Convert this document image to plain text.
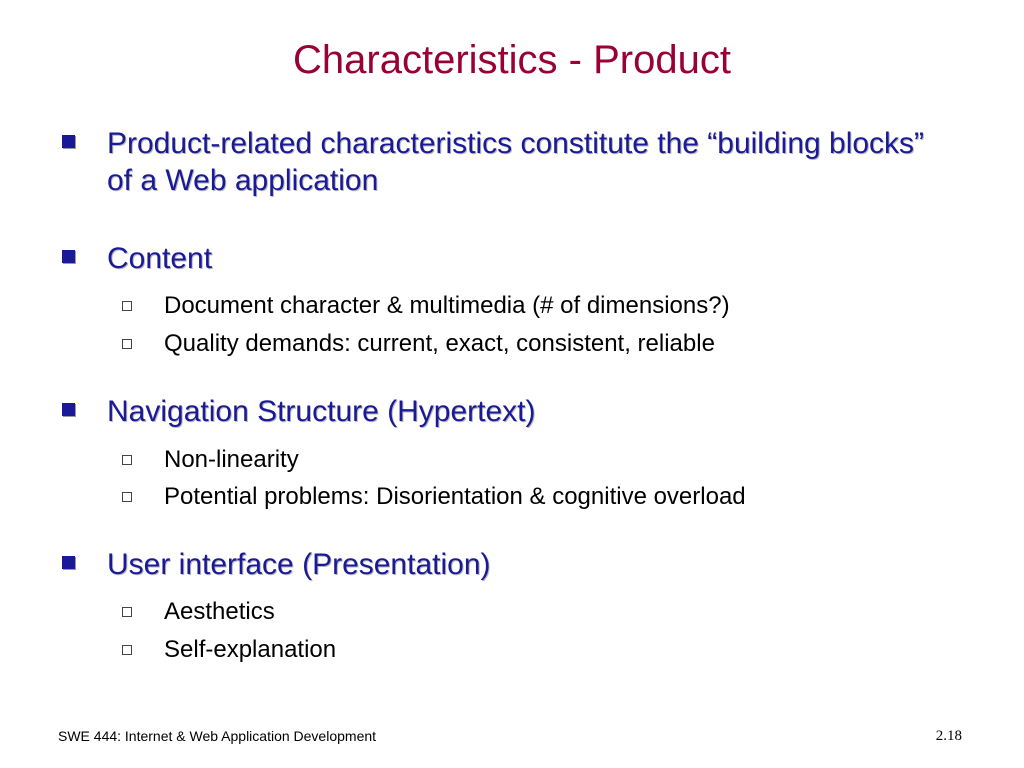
Characteristics - Product
Product-related characteristics constitute the “building blocks” of a Web application
Content
Document character & multimedia (# of dimensions?)
Quality demands: current, exact, consistent, reliable
Navigation Structure (Hypertext)
Non-linearity
Potential problems: Disorientation & cognitive overload
User interface (Presentation)
Aesthetics
Self-explanation
SWE 444: Internet & Web Application Development	2.18
